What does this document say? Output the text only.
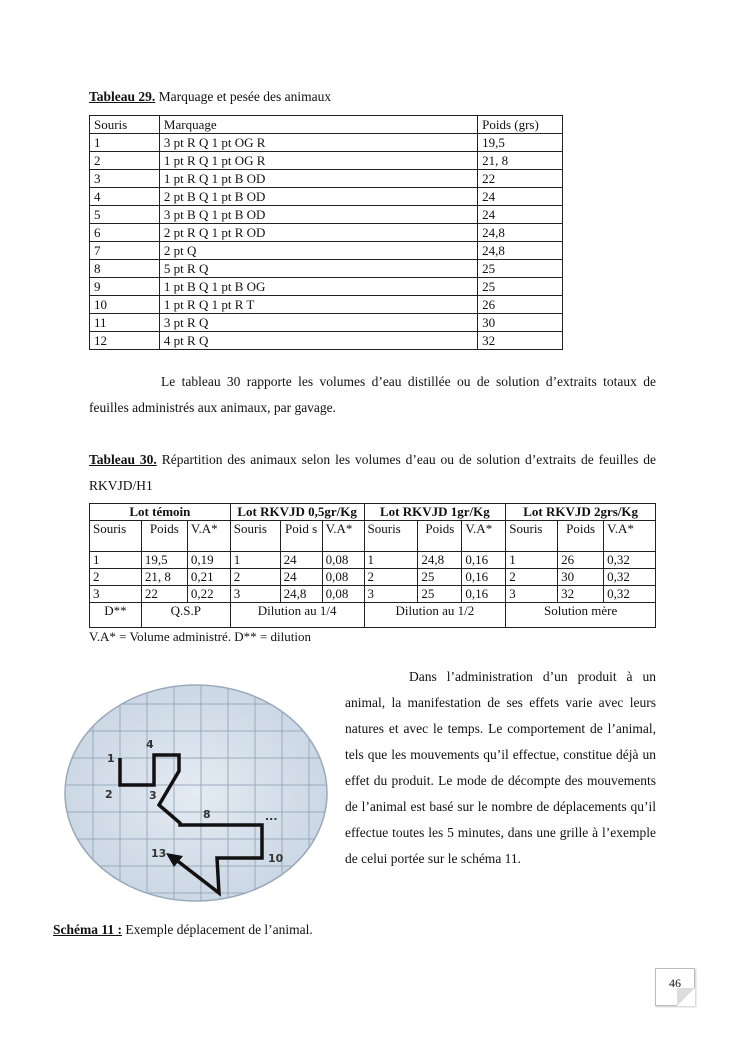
Tableau 29. Marquage et pesée des animaux
Souris	Marquage	Poids (grs)
1	3 pt R Q 1 pt OG R	19,5
2	1 pt R Q 1 pt OG R	21, 8
3	1 pt R Q 1 pt B OD	22
4	2 pt B Q 1 pt B OD	24
5	3 pt B Q 1 pt B OD	24
6	2 pt R Q 1 pt R OD	24,8
7	2 pt Q	24,8
8	5 pt R Q	25
9	1 pt B Q 1 pt B OG	25
10	1 pt R Q 1 pt R T	26
11	3 pt R Q	30
12	4 pt R Q	32
Le tableau 30 rapporte les volumes d’eau distillée ou de solution d’extraits totaux de feuilles administrés aux animaux, par gavage.
Tableau 30. Répartition des animaux selon les volumes d’eau ou de solution d’extraits de feuilles de RKVJD/H1
Lot témoin			Lot RKVJD 0,5gr/Kg			Lot RKVJD 1gr/Kg			Lot RKVJD 2grs/Kg		
Souris	Poids	V.A*	Souris	Poid s	V.A*	Souris	Poids	V.A*	Souris	Poids	V.A*
1	19,5	0,19	1	24	0,08	1	24,8	0,16	1	26	0,32
2	21, 8	0,21	2	24	0,08	2	25	0,16	2	30	0,32
3	22	0,22	3	24,8	0,08	3	25	0,16	3	32	0,32
D**	Q.S.P		Dilution au 1/4			Dilution au 1/2			Solution mère		
V.A* = Volume administré. D** = dilution
1
2	3
4
8	...
10
13
Dans l’administration d’un produit à un animal, la manifestation de ses effets varie avec leurs natures et avec le temps. Le comportement de l’animal, tels que les mouvements qu’il effectue, constitue déjà un effet du produit. Le mode de décompte des mouvements de l’animal est basé sur le nombre de déplacements qu’il effectue toutes les 5 minutes, dans une grille à l’exemple de celui portée sur le schéma 11.
Schéma 11 : Exemple déplacement de l’animal.
46
